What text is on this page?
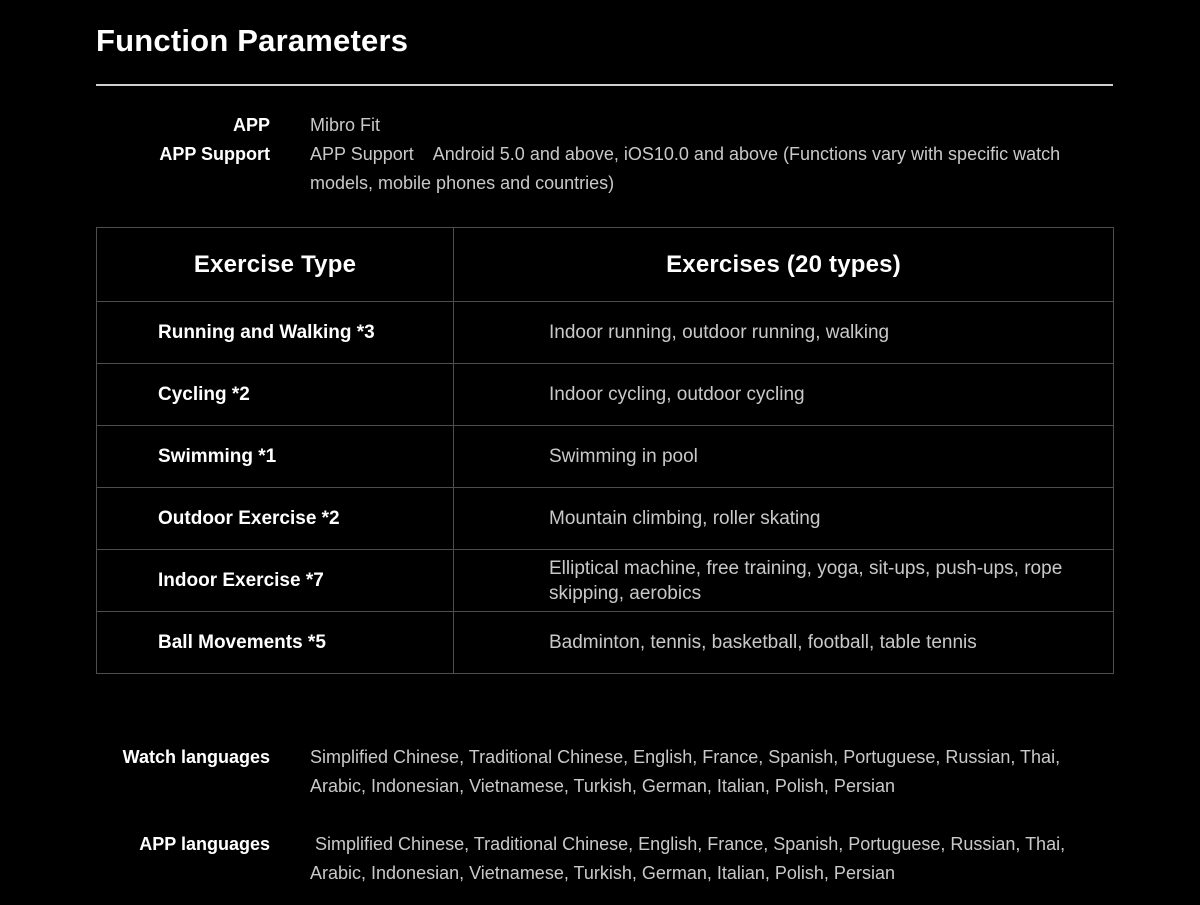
Function Parameters
APP Mibro Fit
APP Support APP Support    Android 5.0 and above, iOS10.0 and above (Functions vary with specific watch models, mobile phones and countries)
Exercise Type	Exercises (20 types)
Running and Walking *3	Indoor running, outdoor running, walking
Cycling *2	Indoor cycling, outdoor cycling
Swimming *1	Swimming in pool
Outdoor Exercise *2	Mountain climbing, roller skating
Indoor Exercise *7	Elliptical machine, free training, yoga, sit-ups, push-ups, rope skipping, aerobics
Ball Movements *5	Badminton, tennis, basketball, football, table tennis
Watch languages Simplified Chinese, Traditional Chinese, English, France, Spanish, Portuguese, Russian, Thai, Arabic, Indonesian, Vietnamese, Turkish, German, Italian, Polish, Persian
APP languages Simplified Chinese, Traditional Chinese, English, France, Spanish, Portuguese, Russian, Thai, Arabic, Indonesian, Vietnamese, Turkish, German, Italian, Polish, Persian
